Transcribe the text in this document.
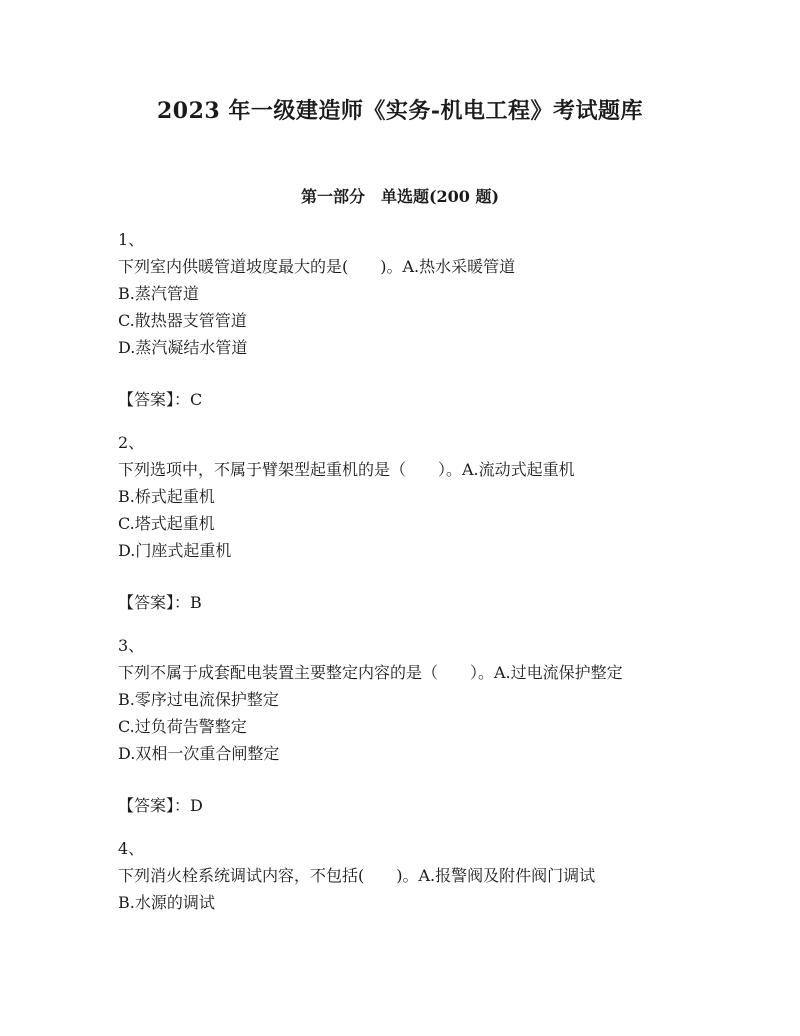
2023 年一级建造师《实务-机电工程》考试题库
第一部分　单选题(200 题)
1、
下列室内供暖管道坡度最大的是(　　)。A.热水采暖管道
B.蒸汽管道
C.散热器支管管道
D.蒸汽凝结水管道
【答案】：C
2、
下列选项中，不属于臂架型起重机的是（　　）。A.流动式起重机
B.桥式起重机
C.塔式起重机
D.门座式起重机
【答案】：B
3、
下列不属于成套配电装置主要整定内容的是（　　）。A.过电流保护整定
B.零序过电流保护整定
C.过负荷告警整定
D.双相一次重合闸整定
【答案】：D
4、
下列消火栓系统调试内容，不包括(　　)。A.报警阀及附件阀门调试
B.水源的调试
